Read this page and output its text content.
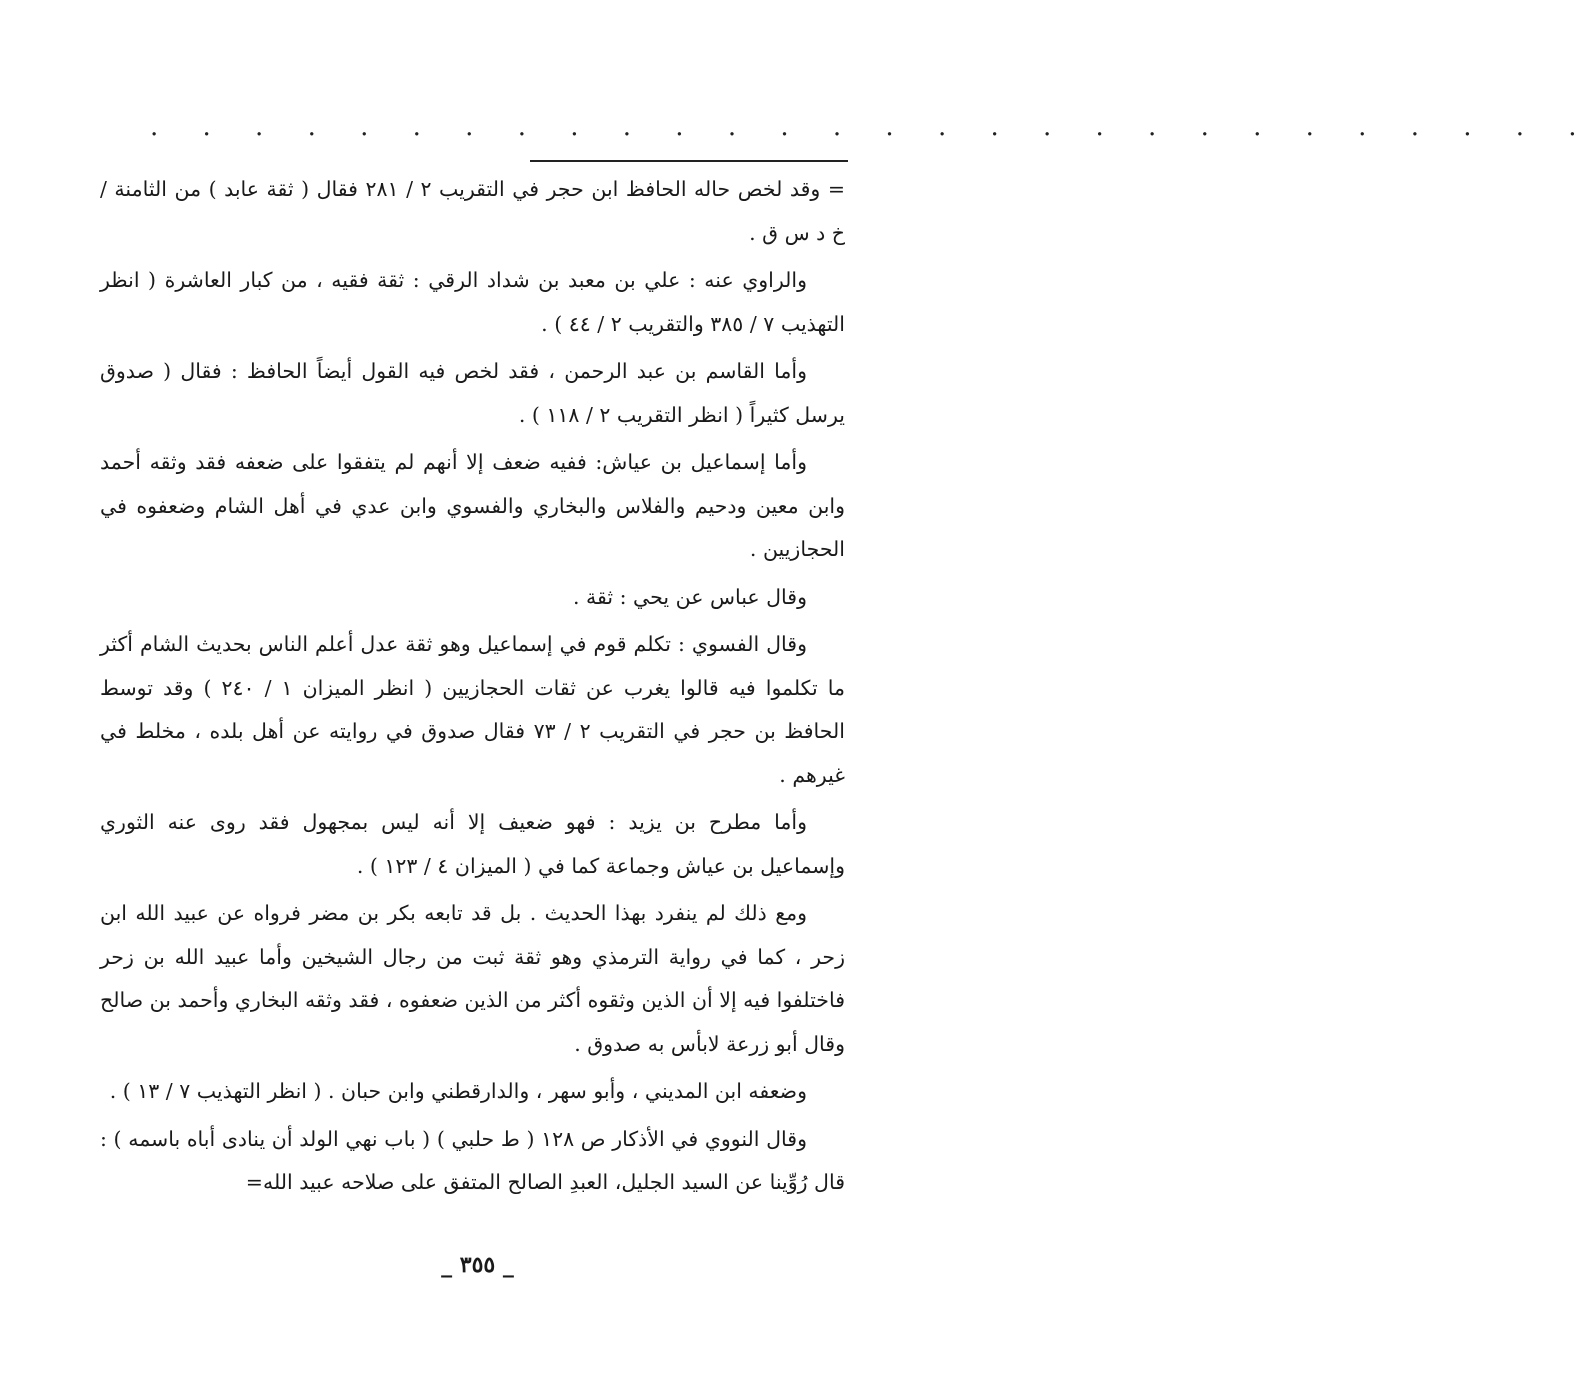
. . . . . . . . . . . . . . . . . . . . . . . . . . . .

= وقد لخص حاله الحافظ ابن حجر في التقريب ٢ / ٢٨١ فقال ( ثقة عابد ) من الثامنة / خ د س ق .

والراوي عنه : علي بن معبد بن شداد الرقي : ثقة فقيه ، من كبار العاشرة ( انظر التهذيب ٧ / ٣٨٥ والتقريب ٢ / ٤٤ ) .

وأما القاسم بن عبد الرحمن ، فقد لخص فيه القول أيضاً الحافظ : فقال ( صدوق يرسل كثيراً ( انظر التقريب ٢ / ١١٨ ) .

وأما إسماعيل بن عياش: ففيه ضعف إلا أنهم لم يتفقوا على ضعفه فقد وثقه أحمد وابن معين ودحيم والفلاس والبخاري والفسوي وابن عدي في أهل الشام وضعفوه في الحجازيين .

وقال عباس عن يحي : ثقة .

وقال الفسوي : تكلم قوم في إسماعيل وهو ثقة عدل أعلم الناس بحديث الشام أكثر ما تكلموا فيه قالوا يغرب عن ثقات الحجازيين ( انظر الميزان ١ / ٢٤٠ ) وقد توسط الحافظ بن حجر في التقريب ٢ / ٧٣ فقال صدوق في روايته عن أهل بلده ، مخلط في غيرهم .

وأما مطرح بن يزيد : فهو ضعيف إلا أنه ليس بمجهول فقد روى عنه الثوري وإسماعيل بن عياش وجماعة كما في ( الميزان ٤ / ١٢٣ ) .

ومع ذلك لم ينفرد بهذا الحديث . بل قد تابعه بكر بن مضر فرواه عن عبيد الله ابن زحر ، كما في رواية الترمذي وهو ثقة ثبت من رجال الشيخين وأما عبيد الله بن زحر فاختلفوا فيه إلا أن الذين وثقوه أكثر من الذين ضعفوه ، فقد وثقه البخاري وأحمد بن صالح وقال أبو زرعة لابأس به صدوق .

وضعفه ابن المديني ، وأبو سهر ، والدارقطني وابن حبان . ( انظر التهذيب ٧ / ١٣ ) .

وقال النووي في الأذكار ص ١٢٨ ( ط حلبي ) ( باب نهي الولد أن ينادى أباه باسمه ) : قال رُوِّينا عن السيد الجليل، العبدِ الصالح المتفق على صلاحه عبيد الله=

_ ٣٥٥ _
